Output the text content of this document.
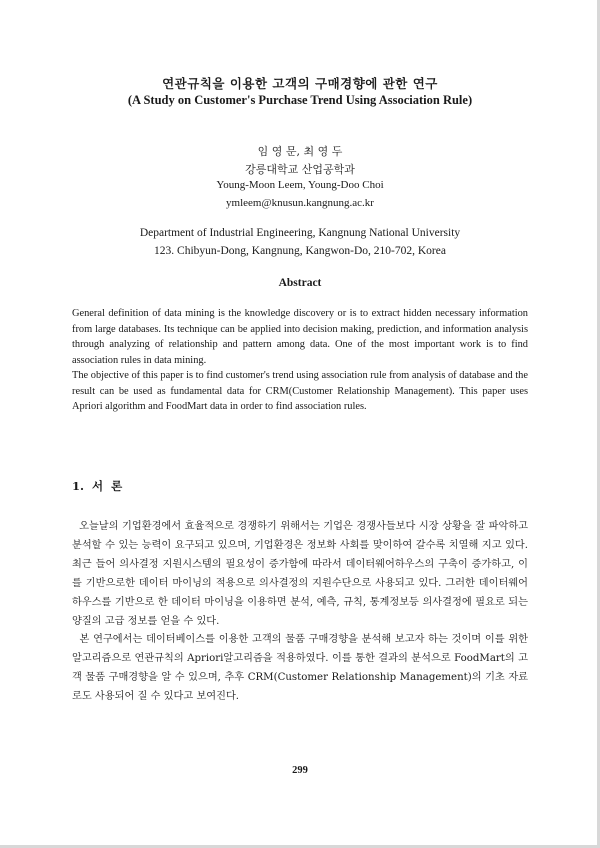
연관규칙을 이용한 고객의 구매경향에 관한 연구
(A Study on Customer's Purchase Trend Using Association Rule)
임 영 문, 최 영 두
강릉대학교 산업공학과
Young-Moon Leem, Young-Doo Choi
ymleem@knusun.kangnung.ac.kr
Department of Industrial Engineering, Kangnung National University
123. Chibyun-Dong, Kangnung, Kangwon-Do, 210-702, Korea
Abstract

General definition of data mining is the knowledge discovery or is to extract hidden necessary information from large databases. Its technique can be applied into decision making, prediction, and information analysis through analyzing of relationship and pattern among data. One of the most important work is to find association rules in data mining.

The objective of this paper is to find customer's trend using association rule from analysis of database and the result can be used as fundamental data for CRM(Customer Relationship Management). This paper uses Apriori algorithm and FoodMart data in order to find association rules.

1. 서 론

오늘날의 기업환경에서 효율적으로 경쟁하기 위해서는 기업은 경쟁사들보다 시장 상황을 잘 파악하고 분석할 수 있는 능력이 요구되고 있으며, 기업환경은 정보화 사회를 맞이하여 갈수록 치열해 지고 있다. 최근 들어 의사결정 지원시스템의 필요성이 증가함에 따라서 데이터웨어하우스의 구축이 증가하고, 이를 기반으로한 데이터 마이닝의 적용으로 의사결정의 지원수단으로 사용되고 있다. 그러한 데이터웨어하우스를 기반으로 한 데이터 마이닝을 이용하면 분석, 예측, 규칙, 통계정보등 의사결정에 필요로 되는 양질의 고급 정보를 얻을 수 있다.

본 연구에서는 데이터베이스를 이용한 고객의 물품 구매경향을 분석해 보고자 하는 것이며 이를 위한 알고리즘으로 연관규칙의 Apriori알고리즘을 적용하였다. 이를 통한 결과의 분석으로 FoodMart의 고객 물품 구매경향을 알 수 있으며, 추후 CRM(Customer Relationship Management)의 기초 자료로도 사용되어 질 수 있다고 보여진다.

299
